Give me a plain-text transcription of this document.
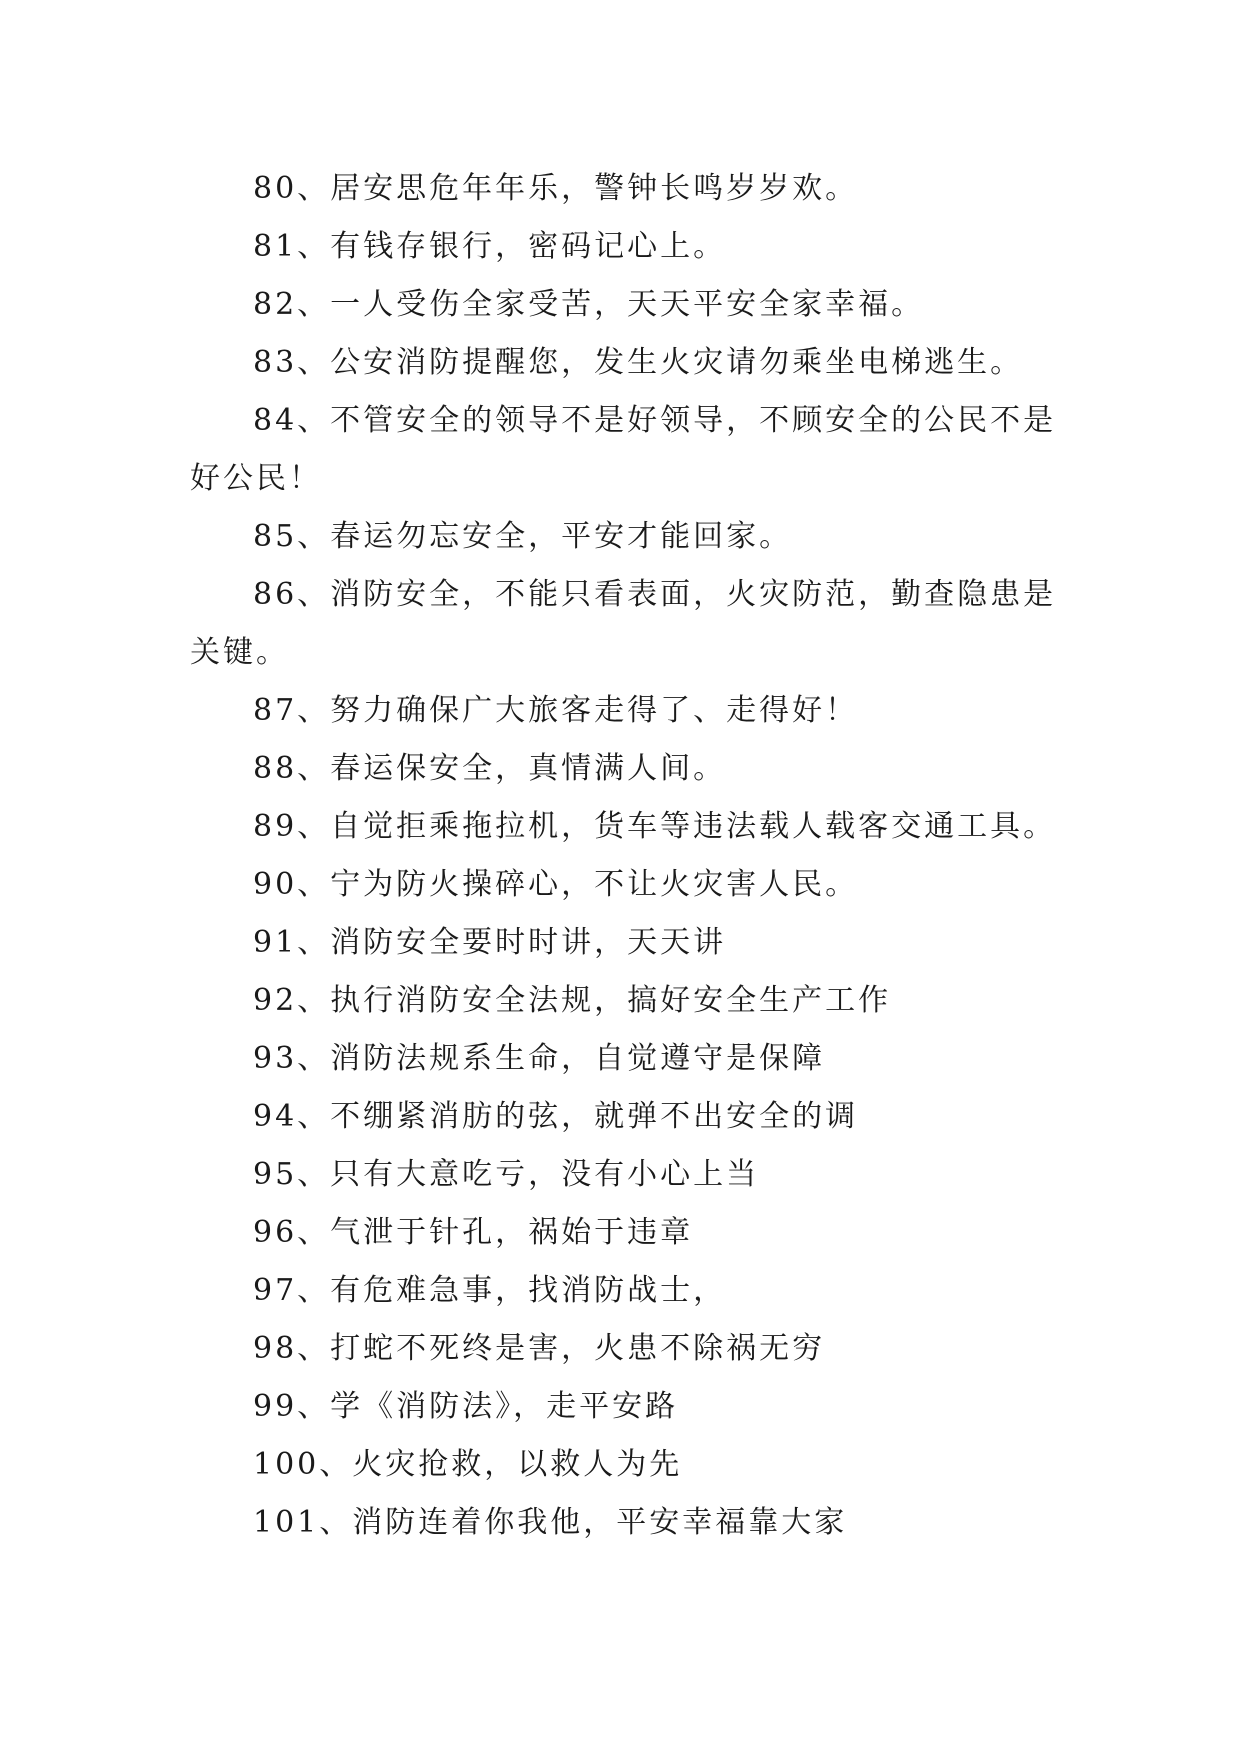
80、居安思危年年乐，警钟长鸣岁岁欢。
81、有钱存银行，密码记心上。
82、一人受伤全家受苦，天天平安全家幸福。
83、公安消防提醒您，发生火灾请勿乘坐电梯逃生。
84、不管安全的领导不是好领导，不顾安全的公民不是好公民！
85、春运勿忘安全，平安才能回家。
86、消防安全，不能只看表面，火灾防范，勤查隐患是关键。
87、努力确保广大旅客走得了、走得好！
88、春运保安全，真情满人间。
89、自觉拒乘拖拉机，货车等违法载人载客交通工具。
90、宁为防火操碎心，不让火灾害人民。
91、消防安全要时时讲，天天讲
92、执行消防安全法规，搞好安全生产工作
93、消防法规系生命，自觉遵守是保障
94、不绷紧消肪的弦，就弹不出安全的调
95、只有大意吃亏，没有小心上当
96、气泄于针孔，祸始于违章
97、有危难急事，找消防战士，
98、打蛇不死终是害，火患不除祸无穷
99、学《消防法》，走平安路
100、火灾抢救，以救人为先
101、消防连着你我他，平安幸福靠大家
